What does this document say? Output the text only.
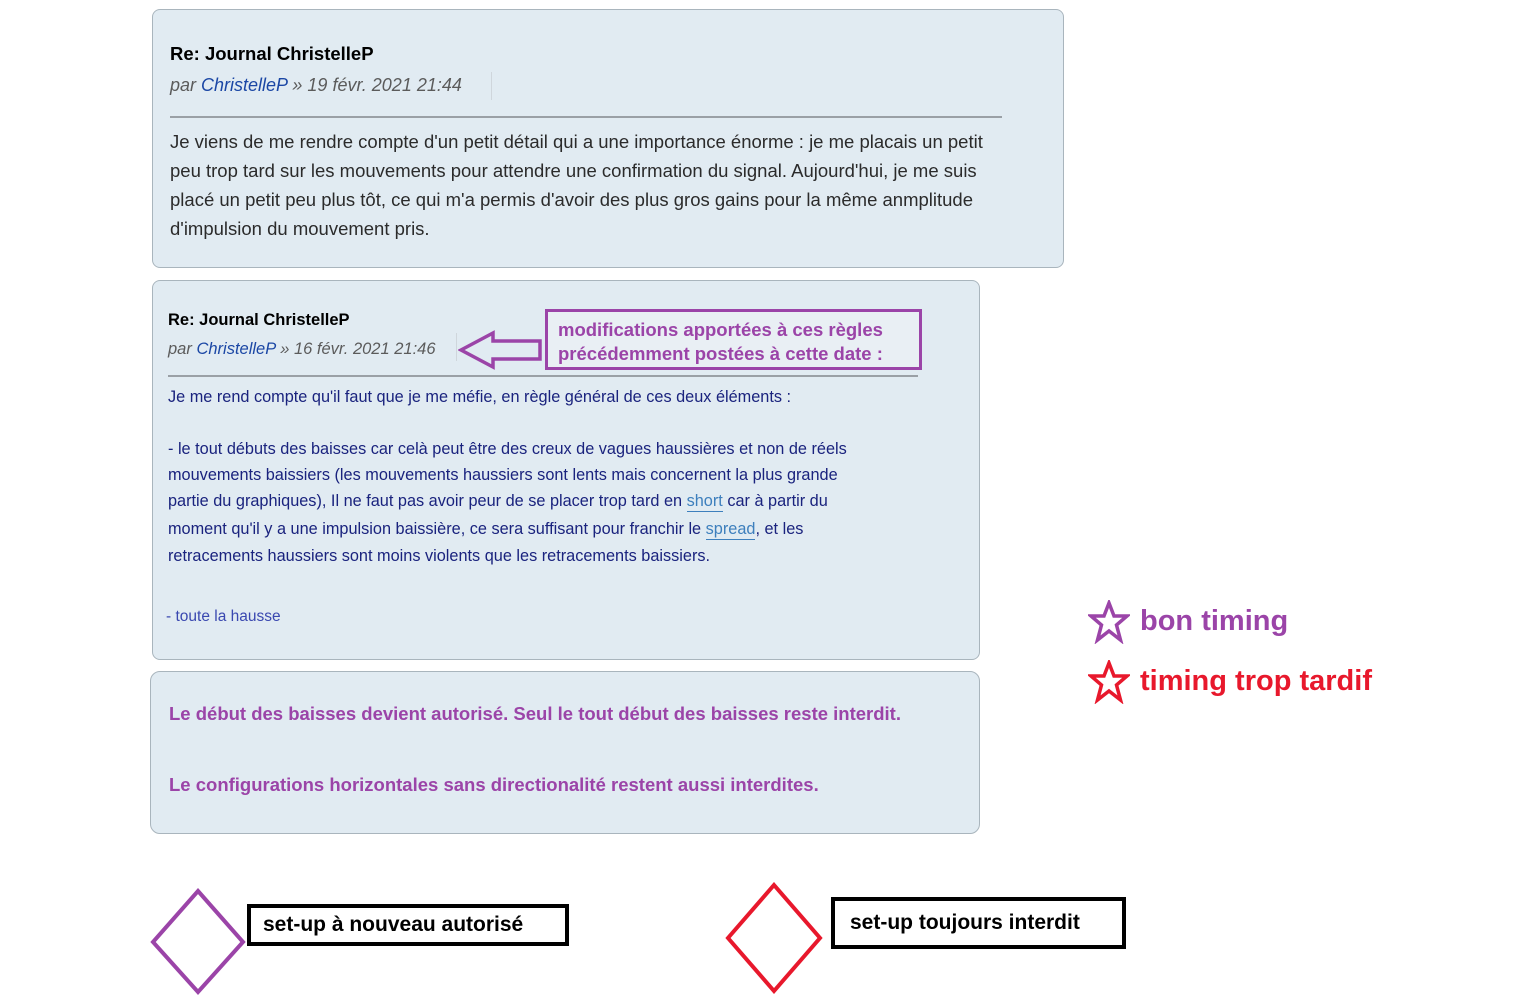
Re: Journal ChristelleP
par ChristelleP » 19 févr. 2021 21:44
Je viens de me rendre compte d'un petit détail qui a une importance énorme : je me placais un petit peu trop tard sur les mouvements pour attendre une confirmation du signal. Aujourd'hui, je me suis placé un petit peu plus tôt, ce qui m'a permis d'avoir des plus gros gains pour la même anmplitude d'impulsion du mouvement pris.
Re: Journal ChristelleP
par ChristelleP » 16 févr. 2021 21:46
Je me rend compte qu'il faut que je me méfie, en règle général de ces deux éléments :
- le tout débuts des baisses car celà peut être des creux de vagues haussières et non de réels
mouvements baissiers (les mouvements haussiers sont lents mais concernent la plus grande
partie du graphiques), Il ne faut pas avoir peur de se placer trop tard en short car à partir du
moment qu'il y a une impulsion baissière, ce sera suffisant pour franchir le spread, et les
retracements haussiers sont moins violents que les retracements baissiers.
- toute la hausse
modifications apportées à ces règles
précédemment postées à cette date :
Le début des baisses devient autorisé. Seul le tout début des baisses reste interdit.
Le configurations horizontales sans directionalité restent aussi interdites.
bon timing
timing trop tardif
set-up à nouveau autorisé	set-up toujours interdit
